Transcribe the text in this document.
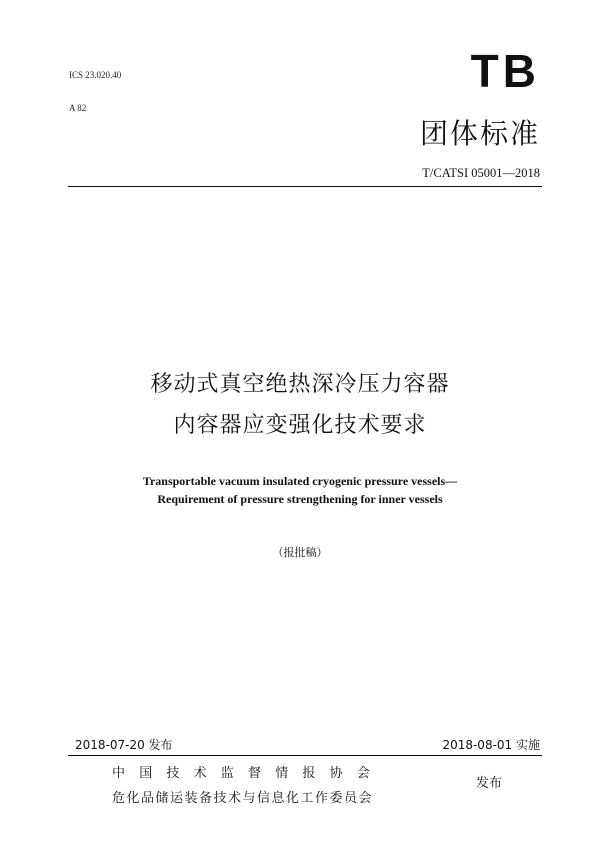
ICS 23.020.40
A 82
TB
团体标准
T/CATSI 05001—2018
移动式真空绝热深冷压力容器
内容器应变强化技术要求
Transportable vacuum insulated cryogenic pressure vessels—
Requirement of pressure strengthening for inner vessels
（报批稿）
2018-07-20 发布	2018-08-01 实施
中国技术监督情报协会
危化品储运装备技术与信息化工作委员会
发布
